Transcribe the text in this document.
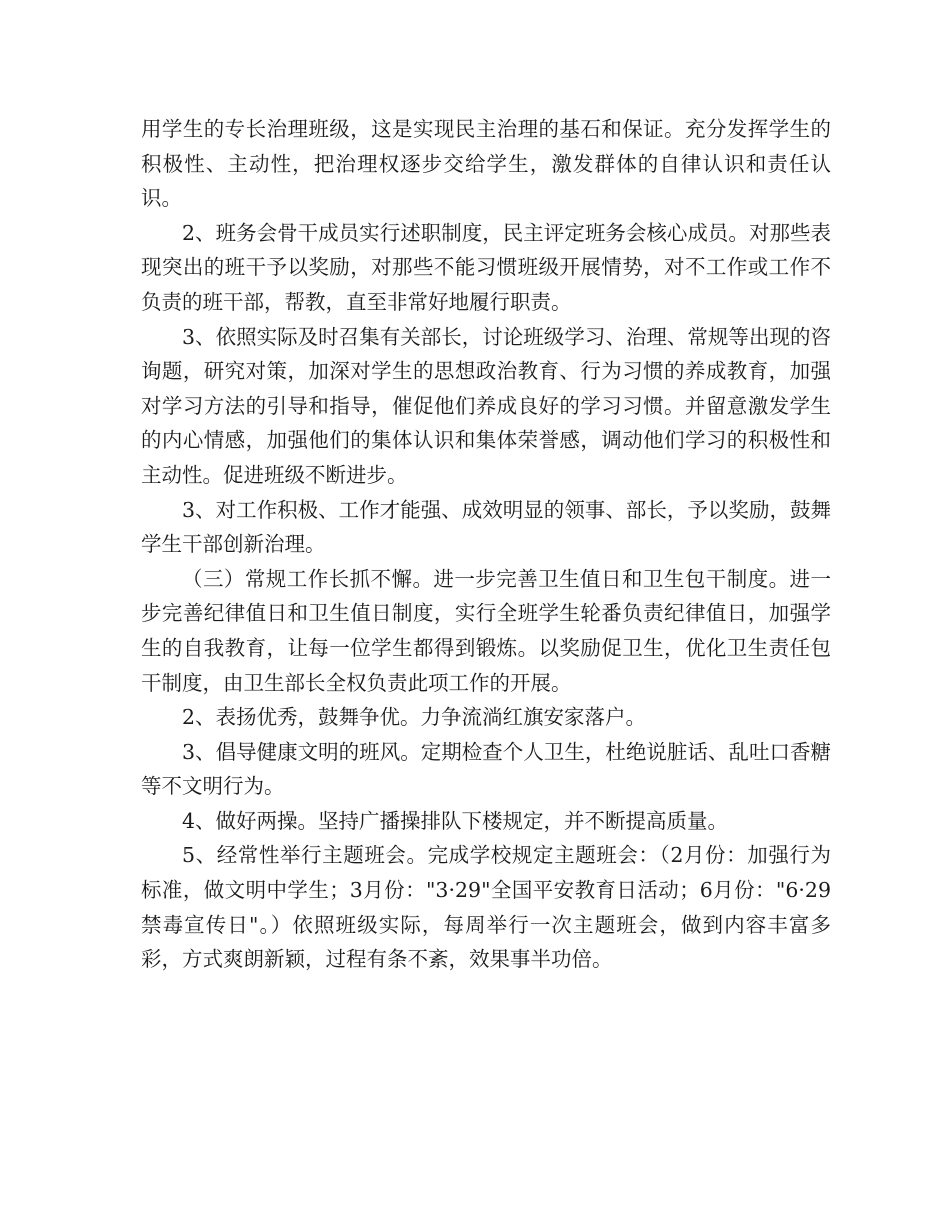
用学生的专长治理班级，这是实现民主治理的基石和保证。充分发挥学生的积极性、主动性，把治理权逐步交给学生，激发群体的自律认识和责任认识。

2、班务会骨干成员实行述职制度，民主评定班务会核心成员。对那些表现突出的班干予以奖励，对那些不能习惯班级开展情势，对不工作或工作不负责的班干部，帮教，直至非常好地履行职责。

3、依照实际及时召集有关部长，讨论班级学习、治理、常规等出现的咨询题，研究对策，加深对学生的思想政治教育、行为习惯的养成教育，加强对学习方法的引导和指导，催促他们养成良好的学习习惯。并留意激发学生的内心情感，加强他们的集体认识和集体荣誉感，调动他们学习的积极性和主动性。促进班级不断进步。

3、对工作积极、工作才能强、成效明显的领事、部长，予以奖励，鼓舞学生干部创新治理。

（三）常规工作长抓不懈。进一步完善卫生值日和卫生包干制度。进一步完善纪律值日和卫生值日制度，实行全班学生轮番负责纪律值日，加强学生的自我教育，让每一位学生都得到锻炼。以奖励促卫生，优化卫生责任包干制度，由卫生部长全权负责此项工作的开展。

2、表扬优秀，鼓舞争优。力争流淌红旗安家落户。

3、倡导健康文明的班风。定期检查个人卫生，杜绝说脏话、乱吐口香糖等不文明行为。

4、做好两操。坚持广播操排队下楼规定，并不断提高质量。

5、经常性举行主题班会。完成学校规定主题班会：（2月份：加强行为标准，做文明中学生；3月份："3·29"全国平安教育日活动；6月份："6·29禁毒宣传日"。）依照班级实际，每周举行一次主题班会，做到内容丰富多彩，方式爽朗新颖，过程有条不紊，效果事半功倍。
